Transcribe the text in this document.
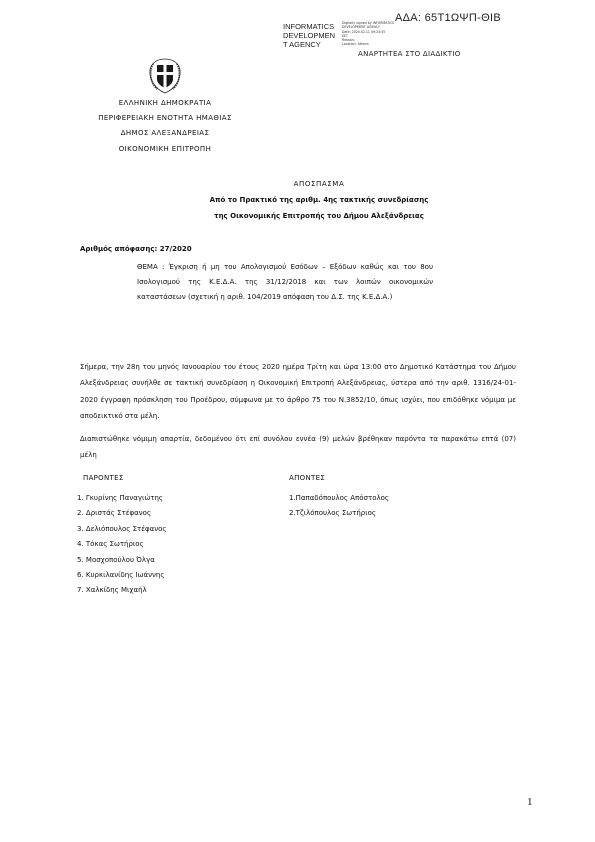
ΑΔΑ: 65Τ1ΩΨΠ-ΘΙΒ
INFORMATICS
DEVELOPMEN
T AGENCY
Digitally signed by INFORMATICS
DEVELOPMENT AGENCY
Date: 2020.02.11 09:24:55
EET
Reason:
Location: Athens
ΑΝΑΡΤΗΤΕΑ ΣΤΟ ΔΙΑΔΙΚΤΙΟ
ΕΛΛΗΝΙΚΗ ΔΗΜΟΚΡΑΤΙΑ
ΠΕΡΙΦΕΡΕΙΑΚΗ ΕΝΟΤΗΤΑ ΗΜΑΘΙΑΣ
ΔΗΜΟΣ ΑΛΕΞΑΝΔΡΕΙΑΣ
ΟΙΚΟΝΟΜΙΚΗ ΕΠΙΤΡΟΠΗ
ΑΠΟΣΠΑΣΜΑ
Από το Πρακτικό της αριθμ. 4ης τακτικής συνεδρίασης
της Οικονομικής Επιτροπής του Δήμου Αλεξάνδρειας
Αριθμός απόφασης: 27/2020
ΘΕΜΑ : Έγκριση ή μη του Απολογισμού Εσόδων – Εξόδων καθώς και του 8ου Ισολογισμού της Κ.Ε.Δ.Α. της 31/12/2018 και των λοιπών οικονομικών καταστάσεων (σχετική η αριθ. 104/2019 απόφαση του Δ.Σ. της Κ.Ε.Δ.Α.)
Σήμερα, την 28η του μηνός Ιανουαρίου του έτους 2020 ημέρα Τρίτη και ώρα 13:00 στο Δημοτικό Κατάστημα του Δήμου Αλεξάνδρειας συνήλθε σε τακτική συνεδρίαση η Οικονομική Επιτροπή Αλεξάνδρειας, ύστερα από την αριθ. 1316/24-01-2020 έγγραφη πρόσκληση του Προέδρου, σύμφωνα με το άρθρο 75 του Ν.3852/10, όπως ισχύει, που επιδόθηκε νόμιμα με αποδεικτικό στα μέλη.
Διαπιστώθηκε νόμιμη απαρτία, δεδομένου ότι επί συνόλου εννέα (9) μελών βρέθηκαν παρόντα τα παρακάτω επτά (07) μέλη
ΠΑΡΟΝΤΕΣ	ΑΠΟΝΤΕΣ
1. Γκυρίνης Παναγιώτης
2. Δριστάς Στέφανος
3. Δελιόπουλος Στέφανος
4. Τόκας Σωτήριος
5. Μοσχοπούλου Όλγα
6. Κυρκιλανίδης Ιωάννης
7. Χαλκίδης Μιχαήλ
1.Παπαδόπουλος Απόστολος
2.Τζιλόπουλος Σωτήριος
1
